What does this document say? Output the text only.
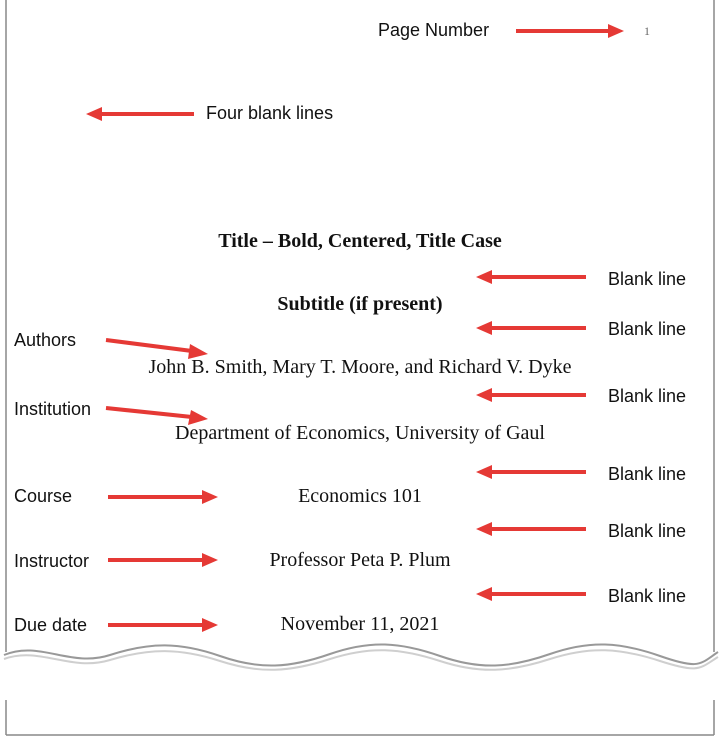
Page Number	1
Four blank lines
Blank line
Blank line
Blank line
Blank line
Blank line
Blank line
Authors
Institution
Course
Instructor
Due date
Title – Bold, Centered, Title Case
Subtitle (if present)
John B. Smith, Mary T. Moore, and Richard V. Dyke
Department of Economics, University of Gaul
Economics 101
Professor Peta P. Plum
November 11, 2021
